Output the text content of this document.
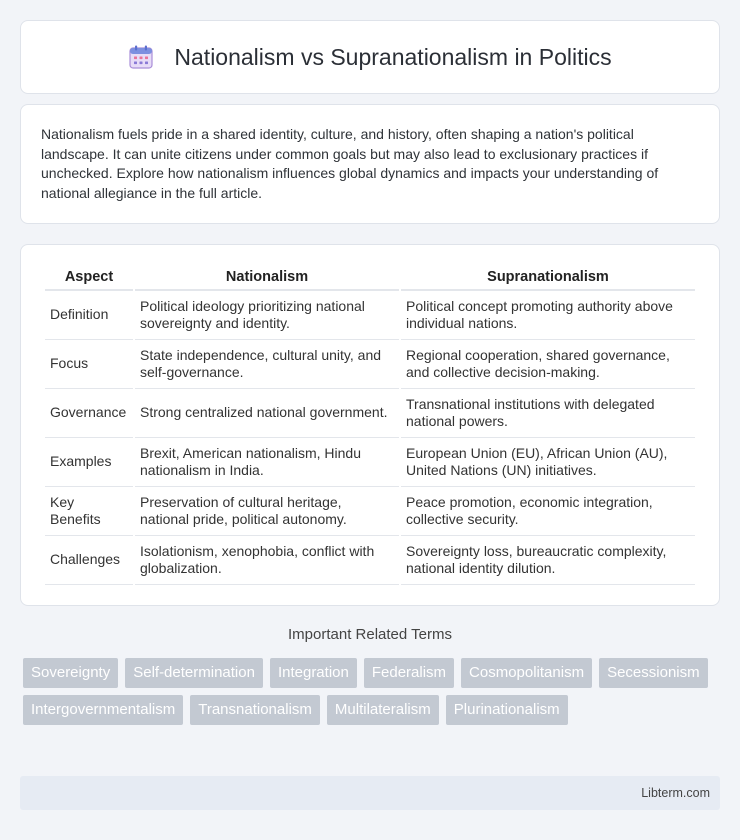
Nationalism vs Supranationalism in Politics

Nationalism fuels pride in a shared identity, culture, and history, often shaping a nation's political landscape. It can unite citizens under common goals but may also lead to exclusionary practices if unchecked. Explore how nationalism influences global dynamics and impacts your understanding of national allegiance in the full article.

Aspect	Nationalism	Supranationalism
Definition	Political ideology prioritizing national sovereignty and identity.	Political concept promoting authority above individual nations.
Focus	State independence, cultural unity, and self-governance.	Regional cooperation, shared governance, and collective decision-making.
Governance	Strong centralized national government.	Transnational institutions with delegated national powers.
Examples	Brexit, American nationalism, Hindu nationalism in India.	European Union (EU), African Union (AU), United Nations (UN) initiatives.
Key Benefits	Preservation of cultural heritage, national pride, political autonomy.	Peace promotion, economic integration, collective security.
Challenges	Isolationism, xenophobia, conflict with globalization.	Sovereignty loss, bureaucratic complexity, national identity dilution.
Important Related Terms
Sovereignty	Self-determination	Integration	Federalism	Cosmopolitanism	Secessionism
Intergovernmentalism	Transnationalism	Multilateralism	Plurinationalism
Libterm.com
